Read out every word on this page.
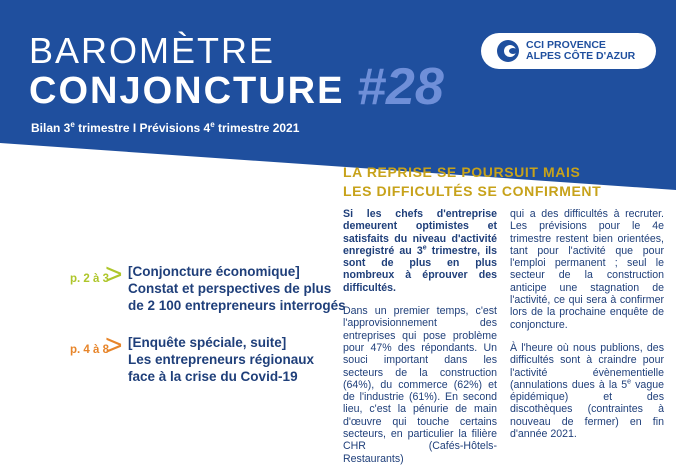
BAROMÈTRE
CONJONCTURE #28
Bilan 3e trimestre I Prévisions 4e trimestre 2021
CCI PROVENCE
ALPES CÔTE D'AZUR
p. 2 à 3
> [Conjoncture économique]
Constat et perspectives de plus
de 2 100 entrepreneurs interrogés
p. 4 à 8
> [Enquête spéciale, suite]
Les entrepreneurs régionaux
face à la crise du Covid-19
LA REPRISE SE POURSUIT MAIS
LES DIFFICULTÉS SE CONFIRMENT

Si les chefs d'entreprise demeurent optimistes et satisfaits du niveau d'activité enregistré au 3e trimestre, ils sont de plus en plus nombreux à éprouver des difficultés.

Dans un premier temps, c'est l'approvisionnement des entreprises qui pose problème pour 47% des répondants. Un souci important dans les secteurs de la construction (64%), du commerce (62%) et de l'industrie (61%). En second lieu, c'est la pénurie de main d'œuvre qui touche certains secteurs, en particulier la filière CHR (Cafés-Hôtels-Restaurants)

qui a des difficultés à recruter. Les prévisions pour le 4e trimestre restent bien orientées, tant pour l'activité que pour l'emploi permanent ; seul le secteur de la construction anticipe une stagnation de l'activité, ce qui sera à confirmer lors de la prochaine enquête de conjoncture.

À l'heure où nous publions, des difficultés sont à craindre pour l'activité évènementielle (annulations dues à la 5e vague épidémique) et des discothèques (contraintes à nouveau de fermer) en fin d'année 2021.
